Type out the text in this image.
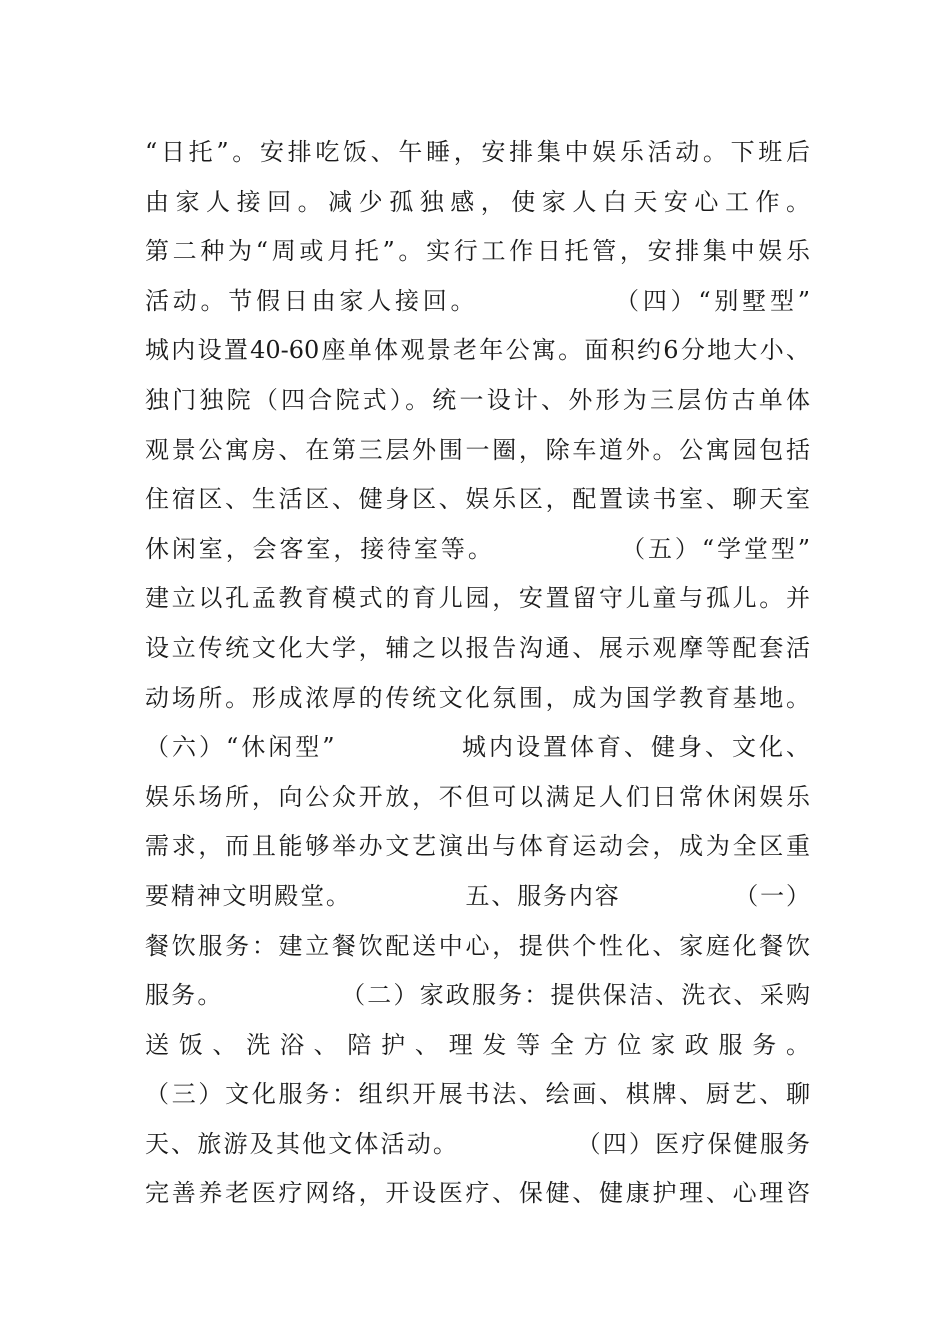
“日托”。安排吃饭、午睡，安排集中娱乐活动。下班后
由家人接回。减少孤独感，使家人白天安心工作。
第二种为“周或月托”。实行工作日托管，安排集中娱乐
活动。节假日由家人接回。            （四）“别墅型”
城内设置40-60座单体观景老年公寓。面积约6分地大小、
独门独院（四合院式）。统一设计、外形为三层仿古单体
观景公寓房、在第三层外围一圈，除车道外。公寓园包括
住宿区、生活区、健身区、娱乐区，配置读书室、聊天室
休闲室，会客室，接待室等。            （五）“学堂型”
建立以孔孟教育模式的育儿园，安置留守儿童与孤儿。并
设立传统文化大学，辅之以报告沟通、展示观摩等配套活
动场所。形成浓厚的传统文化氛围，成为国学教育基地。
（六）“休闲型”            城内设置体育、健身、文化、
娱乐场所，向公众开放，不但可以满足人们日常休闲娱乐
需求，而且能够举办文艺演出与体育运动会，成为全区重
要精神文明殿堂。            五、服务内容            （一）
餐饮服务：建立餐饮配送中心，提供个性化、家庭化餐饮
服务。            （二）家政服务：提供保洁、洗衣、采购
送饭、洗浴、陪护、理发等全方位家政服务。
（三）文化服务：组织开展书法、绘画、棋牌、厨艺、聊
天、旅游及其他文体活动。            （四）医疗保健服务
完善养老医疗网络，开设医疗、保健、健康护理、心理咨
